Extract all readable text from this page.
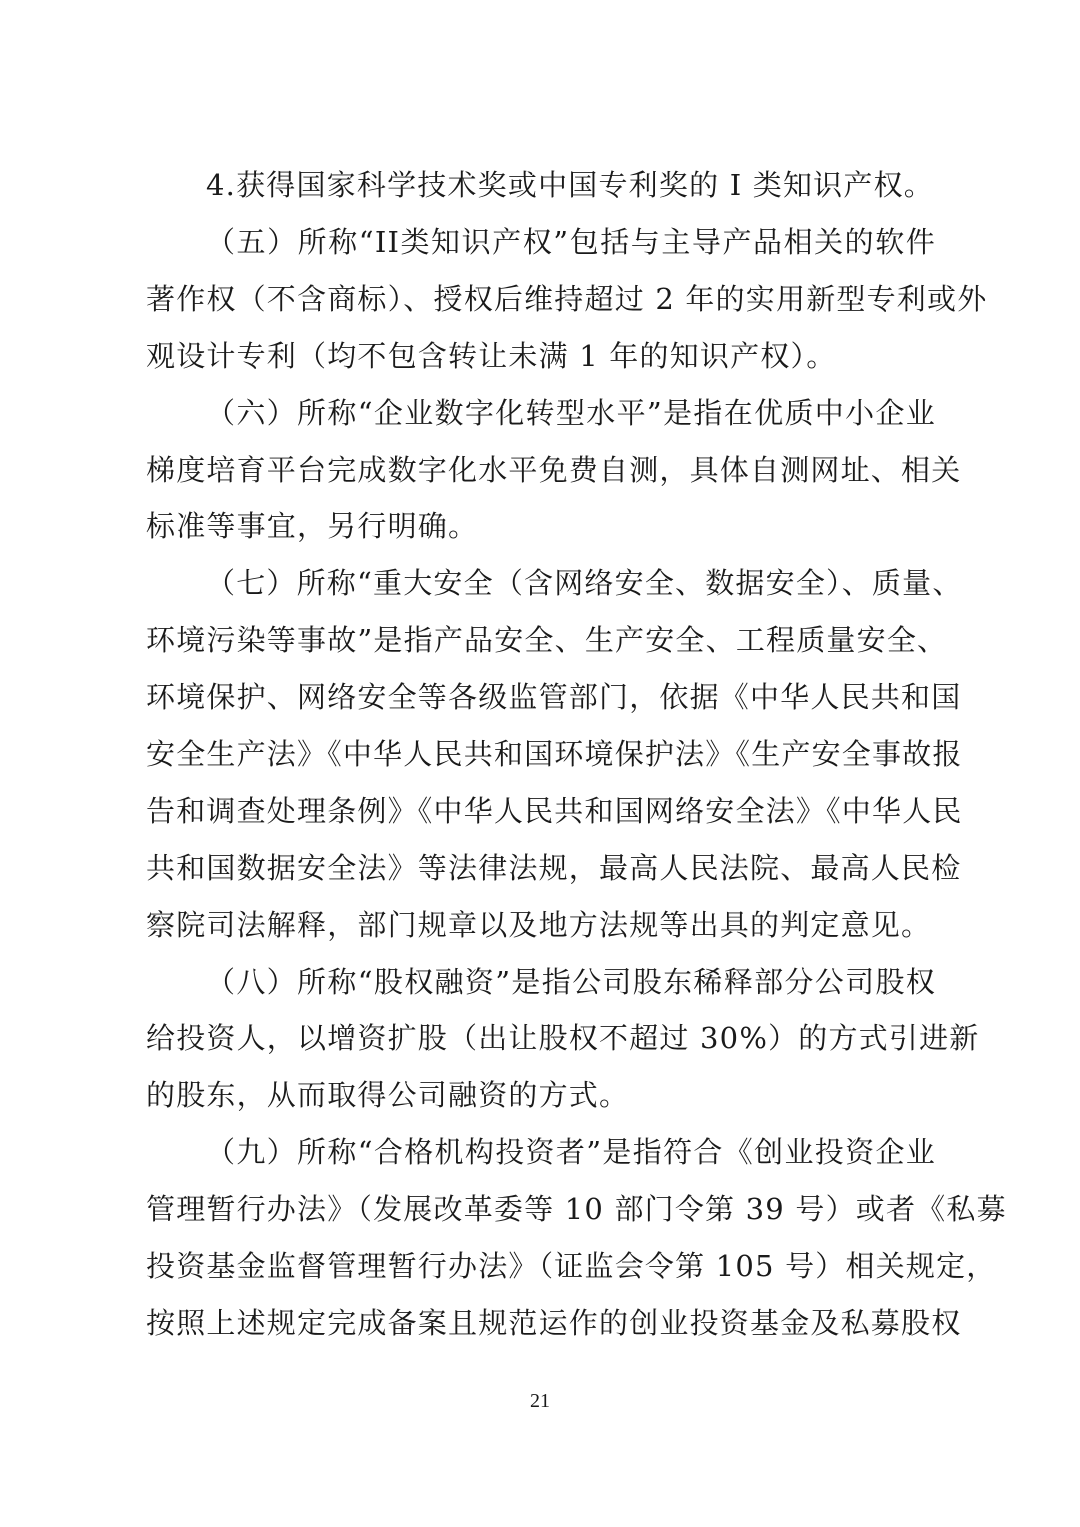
4.获得国家科学技术奖或中国专利奖的 I 类知识产权。
（五）所称“II类知识产权”包括与主导产品相关的软件
著作权（不含商标）、授权后维持超过 2 年的实用新型专利或外
观设计专利（均不包含转让未满 1 年的知识产权）。
（六）所称“企业数字化转型水平”是指在优质中小企业
梯度培育平台完成数字化水平免费自测，具体自测网址、相关
标准等事宜，另行明确。
（七）所称“重大安全（含网络安全、数据安全）、质量、
环境污染等事故”是指产品安全、生产安全、工程质量安全、
环境保护、网络安全等各级监管部门，依据《中华人民共和国
安全生产法》《中华人民共和国环境保护法》《生产安全事故报
告和调查处理条例》《中华人民共和国网络安全法》《中华人民
共和国数据安全法》等法律法规，最高人民法院、最高人民检
察院司法解释，部门规章以及地方法规等出具的判定意见。
（八）所称“股权融资”是指公司股东稀释部分公司股权
给投资人，以增资扩股（出让股权不超过 30%）的方式引进新
的股东，从而取得公司融资的方式。
（九）所称“合格机构投资者”是指符合《创业投资企业
管理暂行办法》（发展改革委等 10 部门令第 39 号）或者《私募
投资基金监督管理暂行办法》（证监会令第 105 号）相关规定，
按照上述规定完成备案且规范运作的创业投资基金及私募股权
21
